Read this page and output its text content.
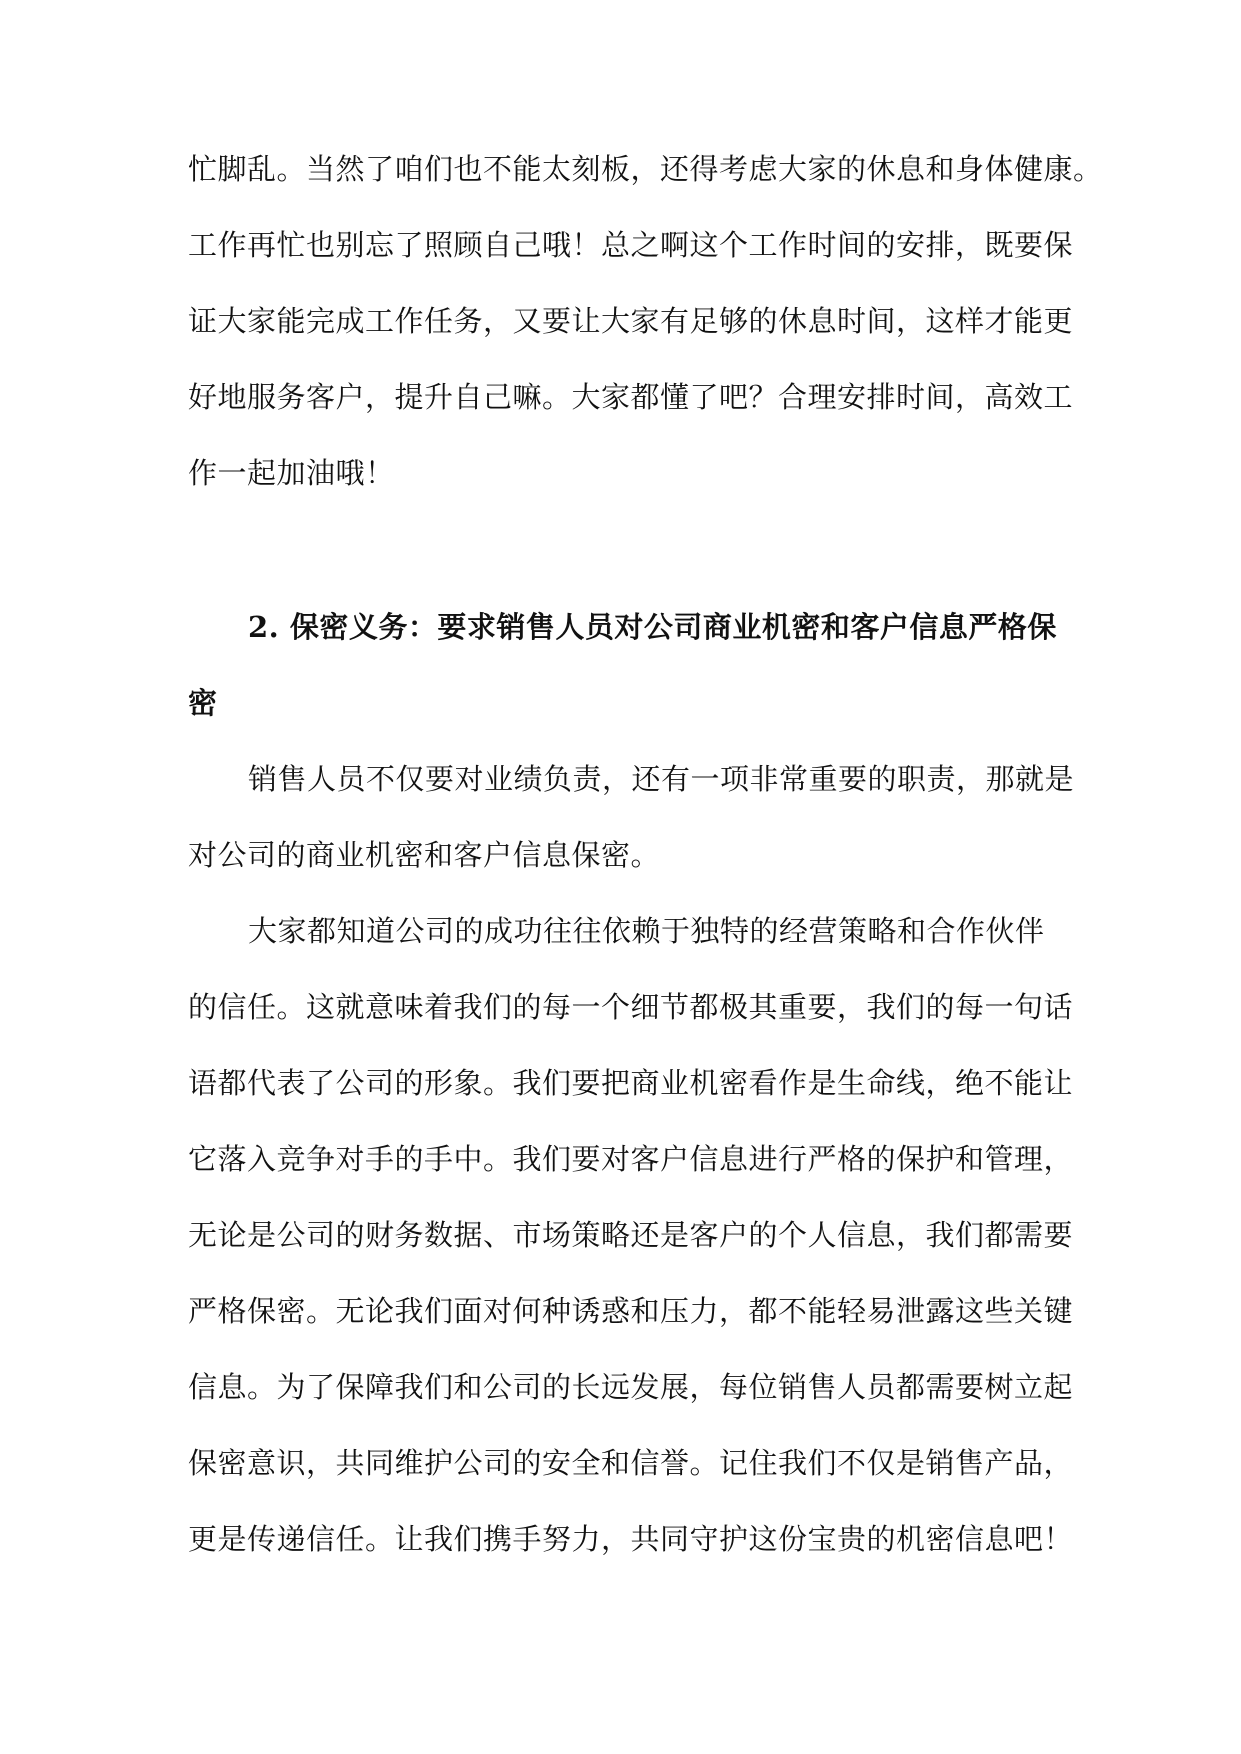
忙脚乱。当然了咱们也不能太刻板，还得考虑大家的休息和身体健康。
工作再忙也别忘了照顾自己哦！总之啊这个工作时间的安排，既要保
证大家能完成工作任务，又要让大家有足够的休息时间，这样才能更
好地服务客户，提升自己嘛。大家都懂了吧？合理安排时间，高效工
作一起加油哦！
2. 保密义务：要求销售人员对公司商业机密和客户信息严格保
密
销售人员不仅要对业绩负责，还有一项非常重要的职责，那就是
对公司的商业机密和客户信息保密。
大家都知道公司的成功往往依赖于独特的经营策略和合作伙伴
的信任。这就意味着我们的每一个细节都极其重要，我们的每一句话
语都代表了公司的形象。我们要把商业机密看作是生命线，绝不能让
它落入竞争对手的手中。我们要对客户信息进行严格的保护和管理，
无论是公司的财务数据、市场策略还是客户的个人信息，我们都需要
严格保密。无论我们面对何种诱惑和压力，都不能轻易泄露这些关键
信息。为了保障我们和公司的长远发展，每位销售人员都需要树立起
保密意识，共同维护公司的安全和信誉。记住我们不仅是销售产品，
更是传递信任。让我们携手努力，共同守护这份宝贵的机密信息吧！
